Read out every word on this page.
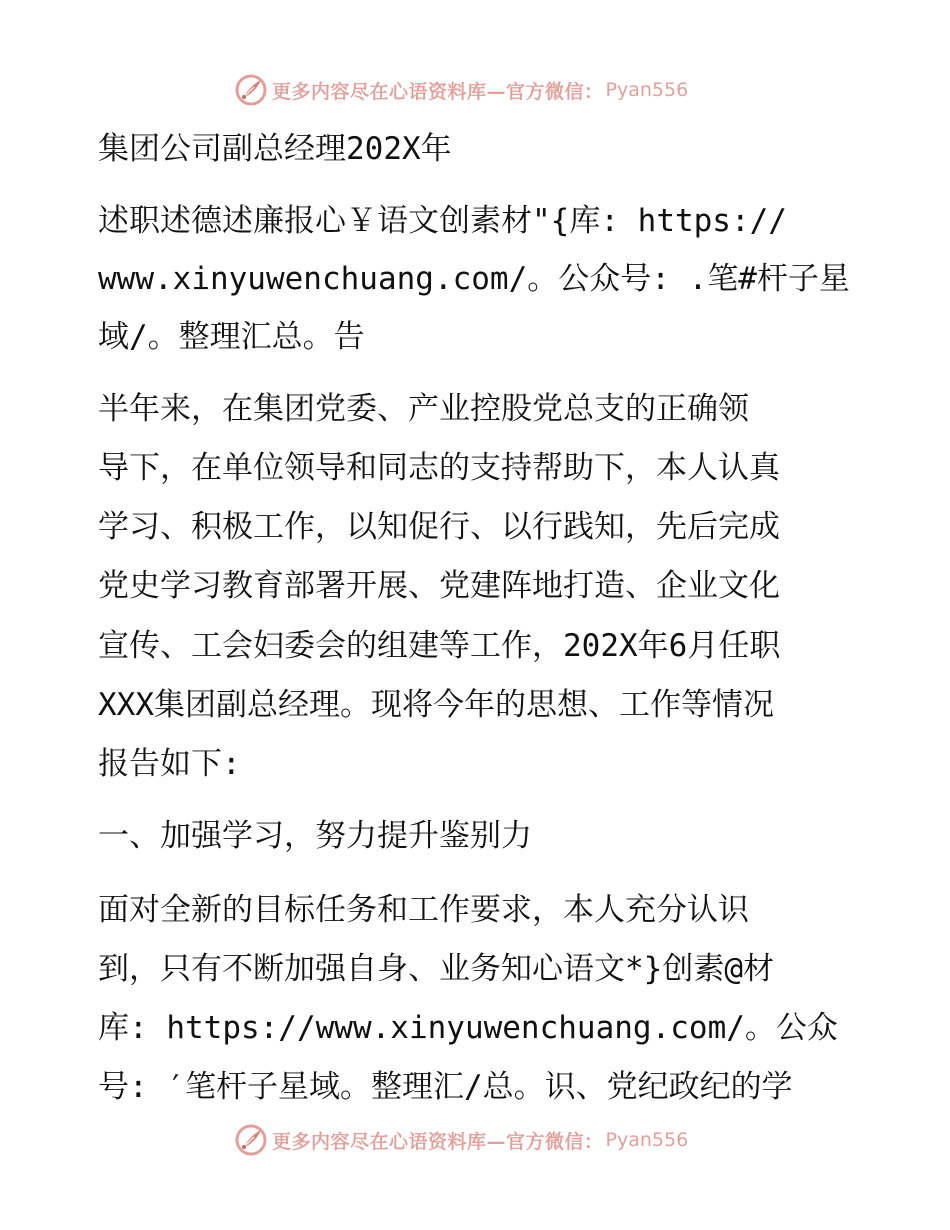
更多内容尽在心语资料库—官方微信： Pyan556
集团公司副总经理202X年
述职述德述廉报心￥语文创素材"{库: https://
www.xinyuwenchuang.com/。公众号: .笔#杆子星
域/。整理汇总。告
半年来，在集团党委、产业控股党总支的正确领
导下，在单位领导和同志的支持帮助下，本人认真
学习、积极工作，以知促行、以行践知，先后完成
党史学习教育部署开展、党建阵地打造、企业文化
宣传、工会妇委会的组建等工作，202X年6月任职
XXX集团副总经理。现将今年的思想、工作等情况
报告如下:
一、加强学习，努力提升鉴别力
面对全新的目标任务和工作要求，本人充分认识
到，只有不断加强自身、业务知心语文*}创素@材
库: https://www.xinyuwenchuang.com/。公众
号: ′笔杆子星域。整理汇/总。识、党纪政纪的学
更多内容尽在心语资料库—官方微信： Pyan556
